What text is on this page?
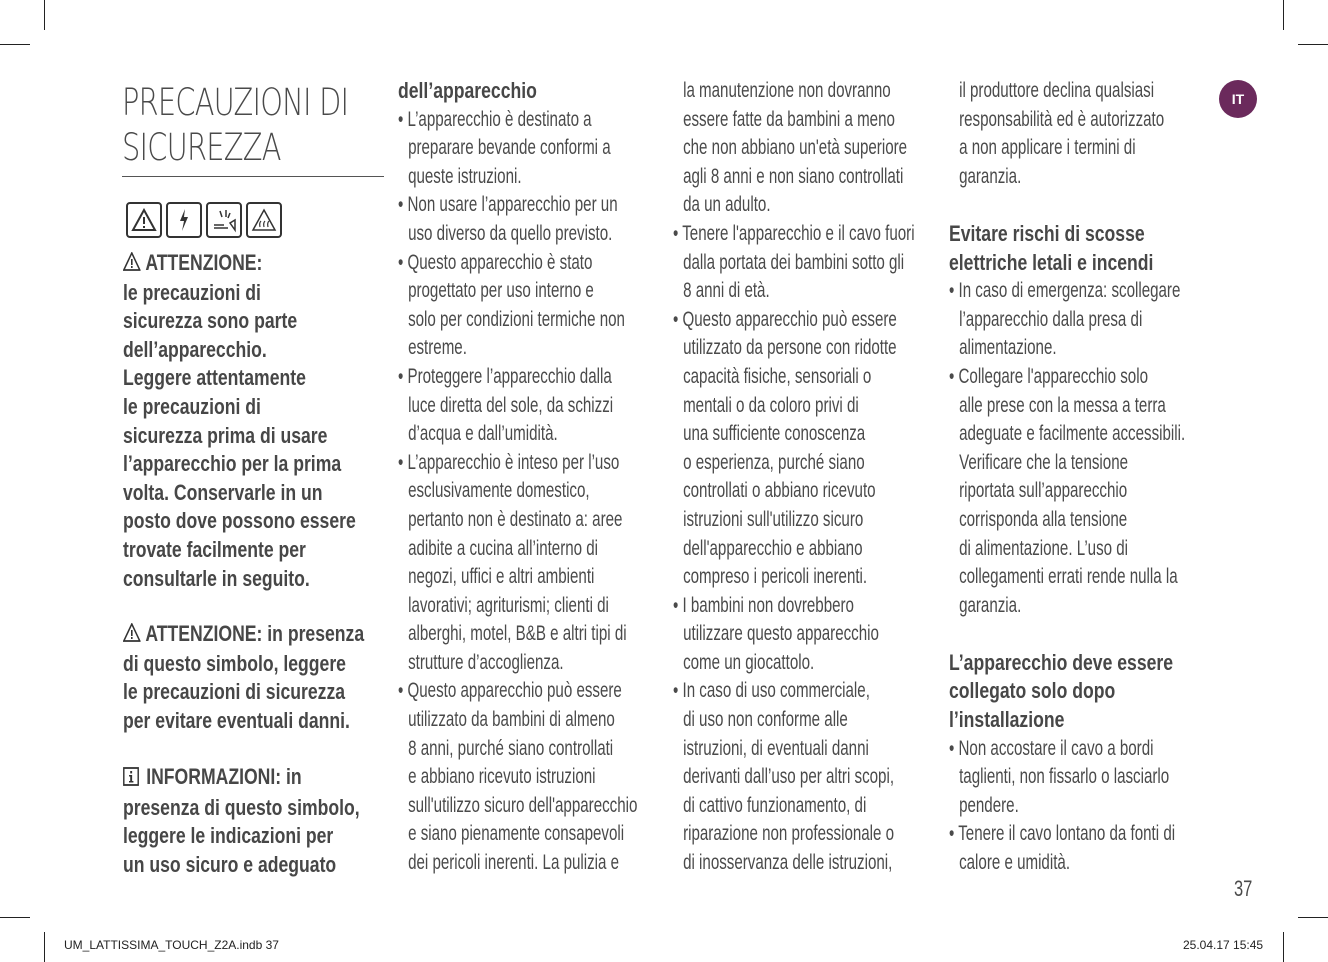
PRECAUZIONI DI
SICUREZZA
ATTENZIONE:
le precauzioni di
sicurezza sono parte
dell’apparecchio.
Leggere attentamente
le precauzioni di
sicurezza prima di usare
l’apparecchio per la prima
volta. Conservarle in un
posto dove possono essere
trovate facilmente per
consultarle in seguito.
ATTENZIONE: in presenza
di questo simbolo, leggere
le precauzioni di sicurezza
per evitare eventuali danni.
INFORMAZIONI: in
presenza di questo simbolo,
leggere le indicazioni per
un uso sicuro e adeguato
dell’apparecchio
• L’apparecchio è destinato a
preparare bevande conformi a
queste istruzioni.
• Non usare l’apparecchio per un
uso diverso da quello previsto.
• Questo apparecchio è stato
progettato per uso interno e
solo per condizioni termiche non
estreme.
• Proteggere l’apparecchio dalla
luce diretta del sole, da schizzi
d’acqua e dall’umidità.
• L’apparecchio è inteso per l’uso
esclusivamente domestico,
pertanto non è destinato a: aree
adibite a cucina all’interno di
negozi, uffici e altri ambienti
lavorativi; agriturismi; clienti di
alberghi, motel, B&B e altri tipi di
strutture d’accoglienza.
• Questo apparecchio può essere
utilizzato da bambini di almeno
8 anni, purché siano controllati
e abbiano ricevuto istruzioni
sull'utilizzo sicuro dell'apparecchio
e siano pienamente consapevoli
dei pericoli inerenti. La pulizia e
la manutenzione non dovranno
essere fatte da bambini a meno
che non abbiano un'età superiore
agli 8 anni e non siano controllati
da un adulto.
• Tenere l'apparecchio e il cavo fuori
dalla portata dei bambini sotto gli
8 anni di età.
• Questo apparecchio può essere
utilizzato da persone con ridotte
capacità fisiche, sensoriali o
mentali o da coloro privi di
una sufficiente conoscenza
o esperienza, purché siano
controllati o abbiano ricevuto
istruzioni sull'utilizzo sicuro
dell'apparecchio e abbiano
compreso i pericoli inerenti.
• I bambini non dovrebbero
utilizzare questo apparecchio
come un giocattolo.
• In caso di uso commerciale,
di uso non conforme alle
istruzioni, di eventuali danni
derivanti dall’uso per altri scopi,
di cattivo funzionamento, di
riparazione non professionale o
di inosservanza delle istruzioni,
il produttore declina qualsiasi
responsabilità ed è autorizzato
a non applicare i termini di
garanzia.

Evitare rischi di scosse
elettriche letali e incendi
• In caso di emergenza: scollegare
l’apparecchio dalla presa di
alimentazione.
• Collegare l'apparecchio solo
alle prese con la messa a terra
adeguate e facilmente accessibili.
Verificare che la tensione
riportata sull’apparecchio
corrisponda alla tensione
di alimentazione. L’uso di
collegamenti errati rende nulla la
garanzia.

L’apparecchio deve essere
collegato solo dopo
l’installazione
• Non accostare il cavo a bordi
taglienti, non fissarlo o lasciarlo
pendere.
• Tenere il cavo lontano da fonti di
calore e umidità.
IT
37
UM_LATTISSIMA_TOUCH_Z2A.indb 37	25.04.17 15:45
